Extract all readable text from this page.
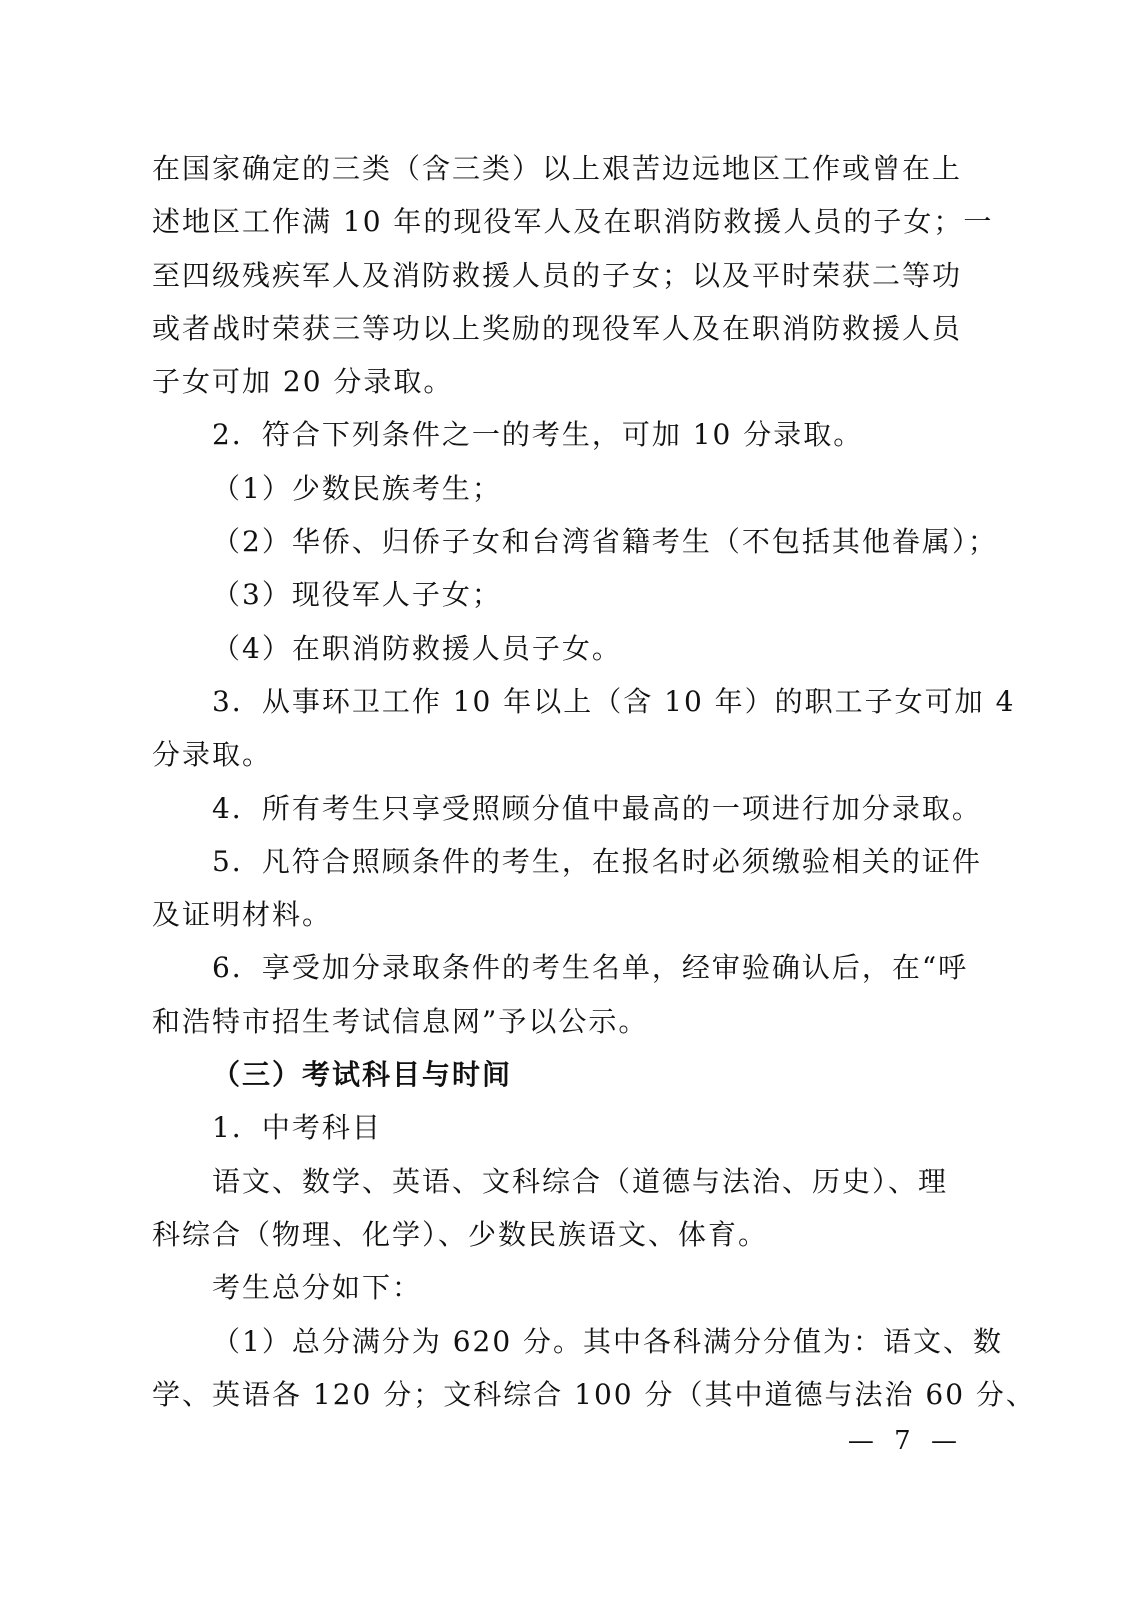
在国家确定的三类（含三类）以上艰苦边远地区工作或曾在上
述地区工作满 10 年的现役军人及在职消防救援人员的子女；一
至四级残疾军人及消防救援人员的子女；以及平时荣获二等功
或者战时荣获三等功以上奖励的现役军人及在职消防救援人员
子女可加 20 分录取。
2．符合下列条件之一的考生，可加 10 分录取。
（1）少数民族考生；
（2）华侨、归侨子女和台湾省籍考生（不包括其他眷属）；
（3）现役军人子女；
（4）在职消防救援人员子女。
3．从事环卫工作 10 年以上（含 10 年）的职工子女可加 4
分录取。
4．所有考生只享受照顾分值中最高的一项进行加分录取。
5．凡符合照顾条件的考生，在报名时必须缴验相关的证件
及证明材料。
6．享受加分录取条件的考生名单，经审验确认后，在“呼
和浩特市招生考试信息网”予以公示。
（三）考试科目与时间
1．中考科目
语文、数学、英语、文科综合（道德与法治、历史）、理
科综合（物理、化学）、少数民族语文、体育。
考生总分如下：
（1）总分满分为 620 分。其中各科满分分值为：语文、数
学、英语各 120 分；文科综合 100 分（其中道德与法治 60 分、
— 7 —
